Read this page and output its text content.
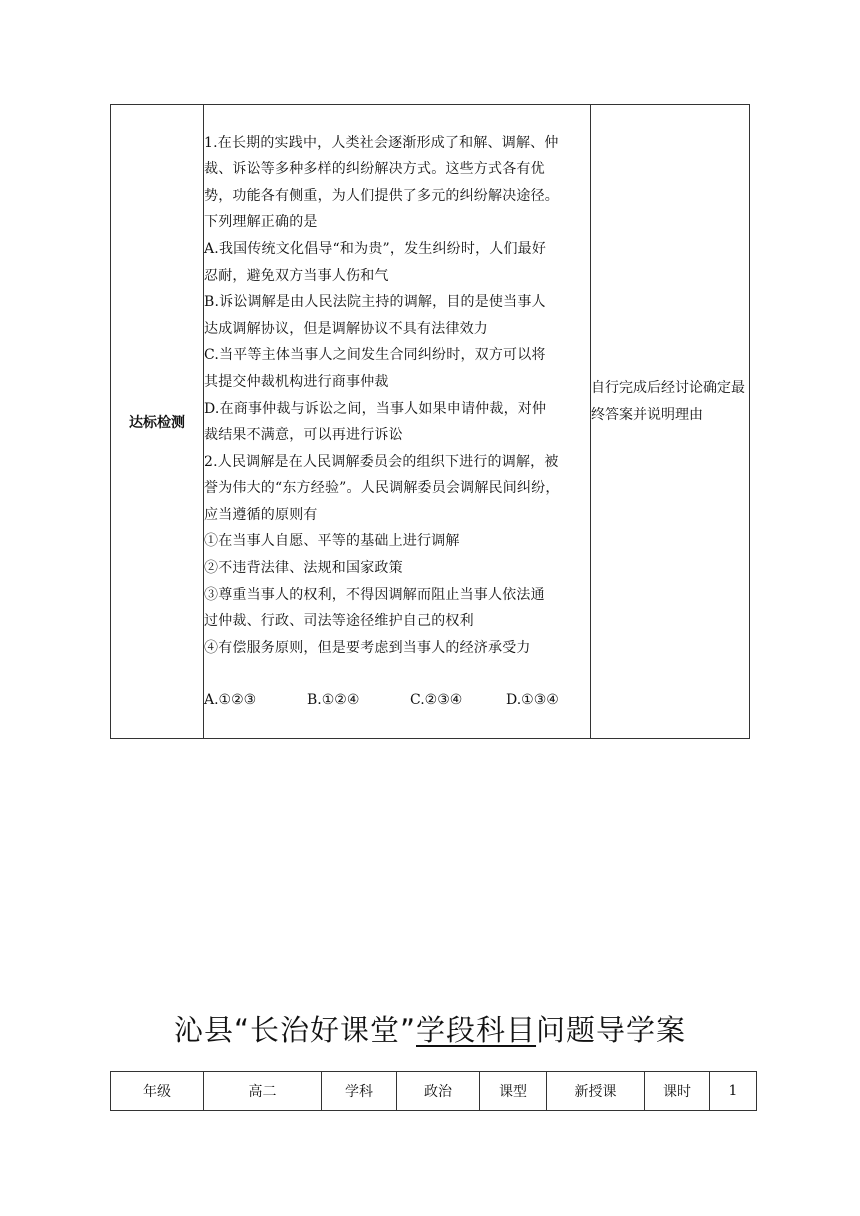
达标检测	

1.在长期的实践中，人类社会逐渐形成了和解、调解、仲

裁、诉讼等多种多样的纠纷解决方式。这些方式各有优

势，功能各有侧重，为人们提供了多元的纠纷解决途径。

下列理解正确的是

A.我国传统文化倡导“和为贵”，发生纠纷时，人们最好

忍耐，避免双方当事人伤和气

B.诉讼调解是由人民法院主持的调解，目的是使当事人

达成调解协议，但是调解协议不具有法律效力

C.当平等主体当事人之间发生合同纠纷时，双方可以将

其提交仲裁机构进行商事仲裁

D.在商事仲裁与诉讼之间，当事人如果申请仲裁，对仲

裁结果不满意，可以再进行诉讼

2.人民调解是在人民调解委员会的组织下进行的调解，被

誉为伟大的“东方经验”。人民调解委员会调解民间纠纷，

应当遵循的原则有

①在当事人自愿、平等的基础上进行调解

②不违背法律、法规和国家政策

③尊重当事人的权利，不得因调解而阻止当事人依法通

过仲裁、行政、司法等途径维护自己的权利

④有偿服务原则，但是要考虑到当事人的经济承受力

A.①②③	B.①②④	C.②③④	D.①③④

自行完成后经讨论确定最终答案并说明理由

沁县“长治好课堂”学段科目问题导学案
年级	高二	学科	政治	课型	新授课	课时	1
